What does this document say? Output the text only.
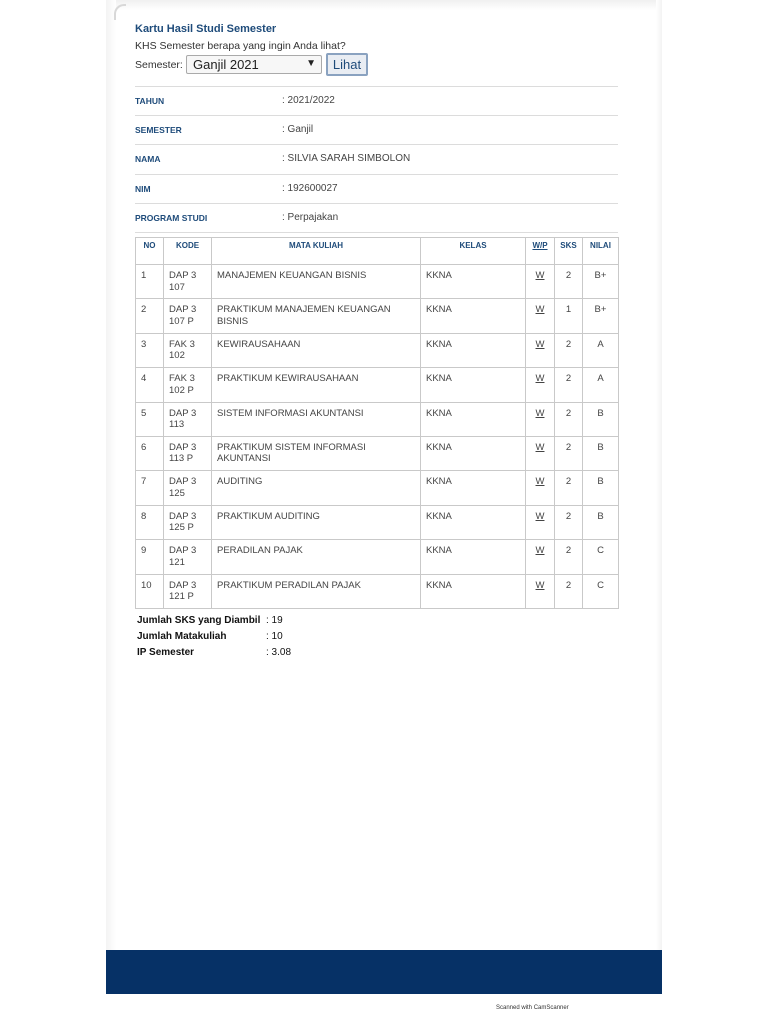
Kartu Hasil Studi Semester
KHS Semester berapa yang ingin Anda lihat?
Semester: Ganjil 2021	▼	Lihat
TAHUN	: 2021/2022
SEMESTER	: Ganjil
NAMA	: SILVIA SARAH SIMBOLON
NIM	: 192600027
PROGRAM STUDI	: Perpajakan
NO	KODE	MATA KULIAH	KELAS	W/P	SKS	NILAI
1	DAP 3 107	MANAJEMEN KEUANGAN BISNIS	KKNA	W	2	B+
2	DAP 3 107 P	PRAKTIKUM MANAJEMEN KEUANGAN BISNIS	KKNA	W	1	B+
3	FAK 3 102	KEWIRAUSAHAAN	KKNA	W	2	A
4	FAK 3 102 P	PRAKTIKUM KEWIRAUSAHAAN	KKNA	W	2	A
5	DAP 3 113	SISTEM INFORMASI AKUNTANSI	KKNA	W	2	B
6	DAP 3 113 P	PRAKTIKUM SISTEM INFORMASI AKUNTANSI	KKNA	W	2	B
7	DAP 3 125	AUDITING	KKNA	W	2	B
8	DAP 3 125 P	PRAKTIKUM AUDITING	KKNA	W	2	B
9	DAP 3 121	PERADILAN PAJAK	KKNA	W	2	C
10	DAP 3 121 P	PRAKTIKUM PERADILAN PAJAK	KKNA	W	2	C
Jumlah SKS yang Diambil : 19
Jumlah Matakuliah	: 10
IP Semester	: 3.08
Scanned with CamScanner
